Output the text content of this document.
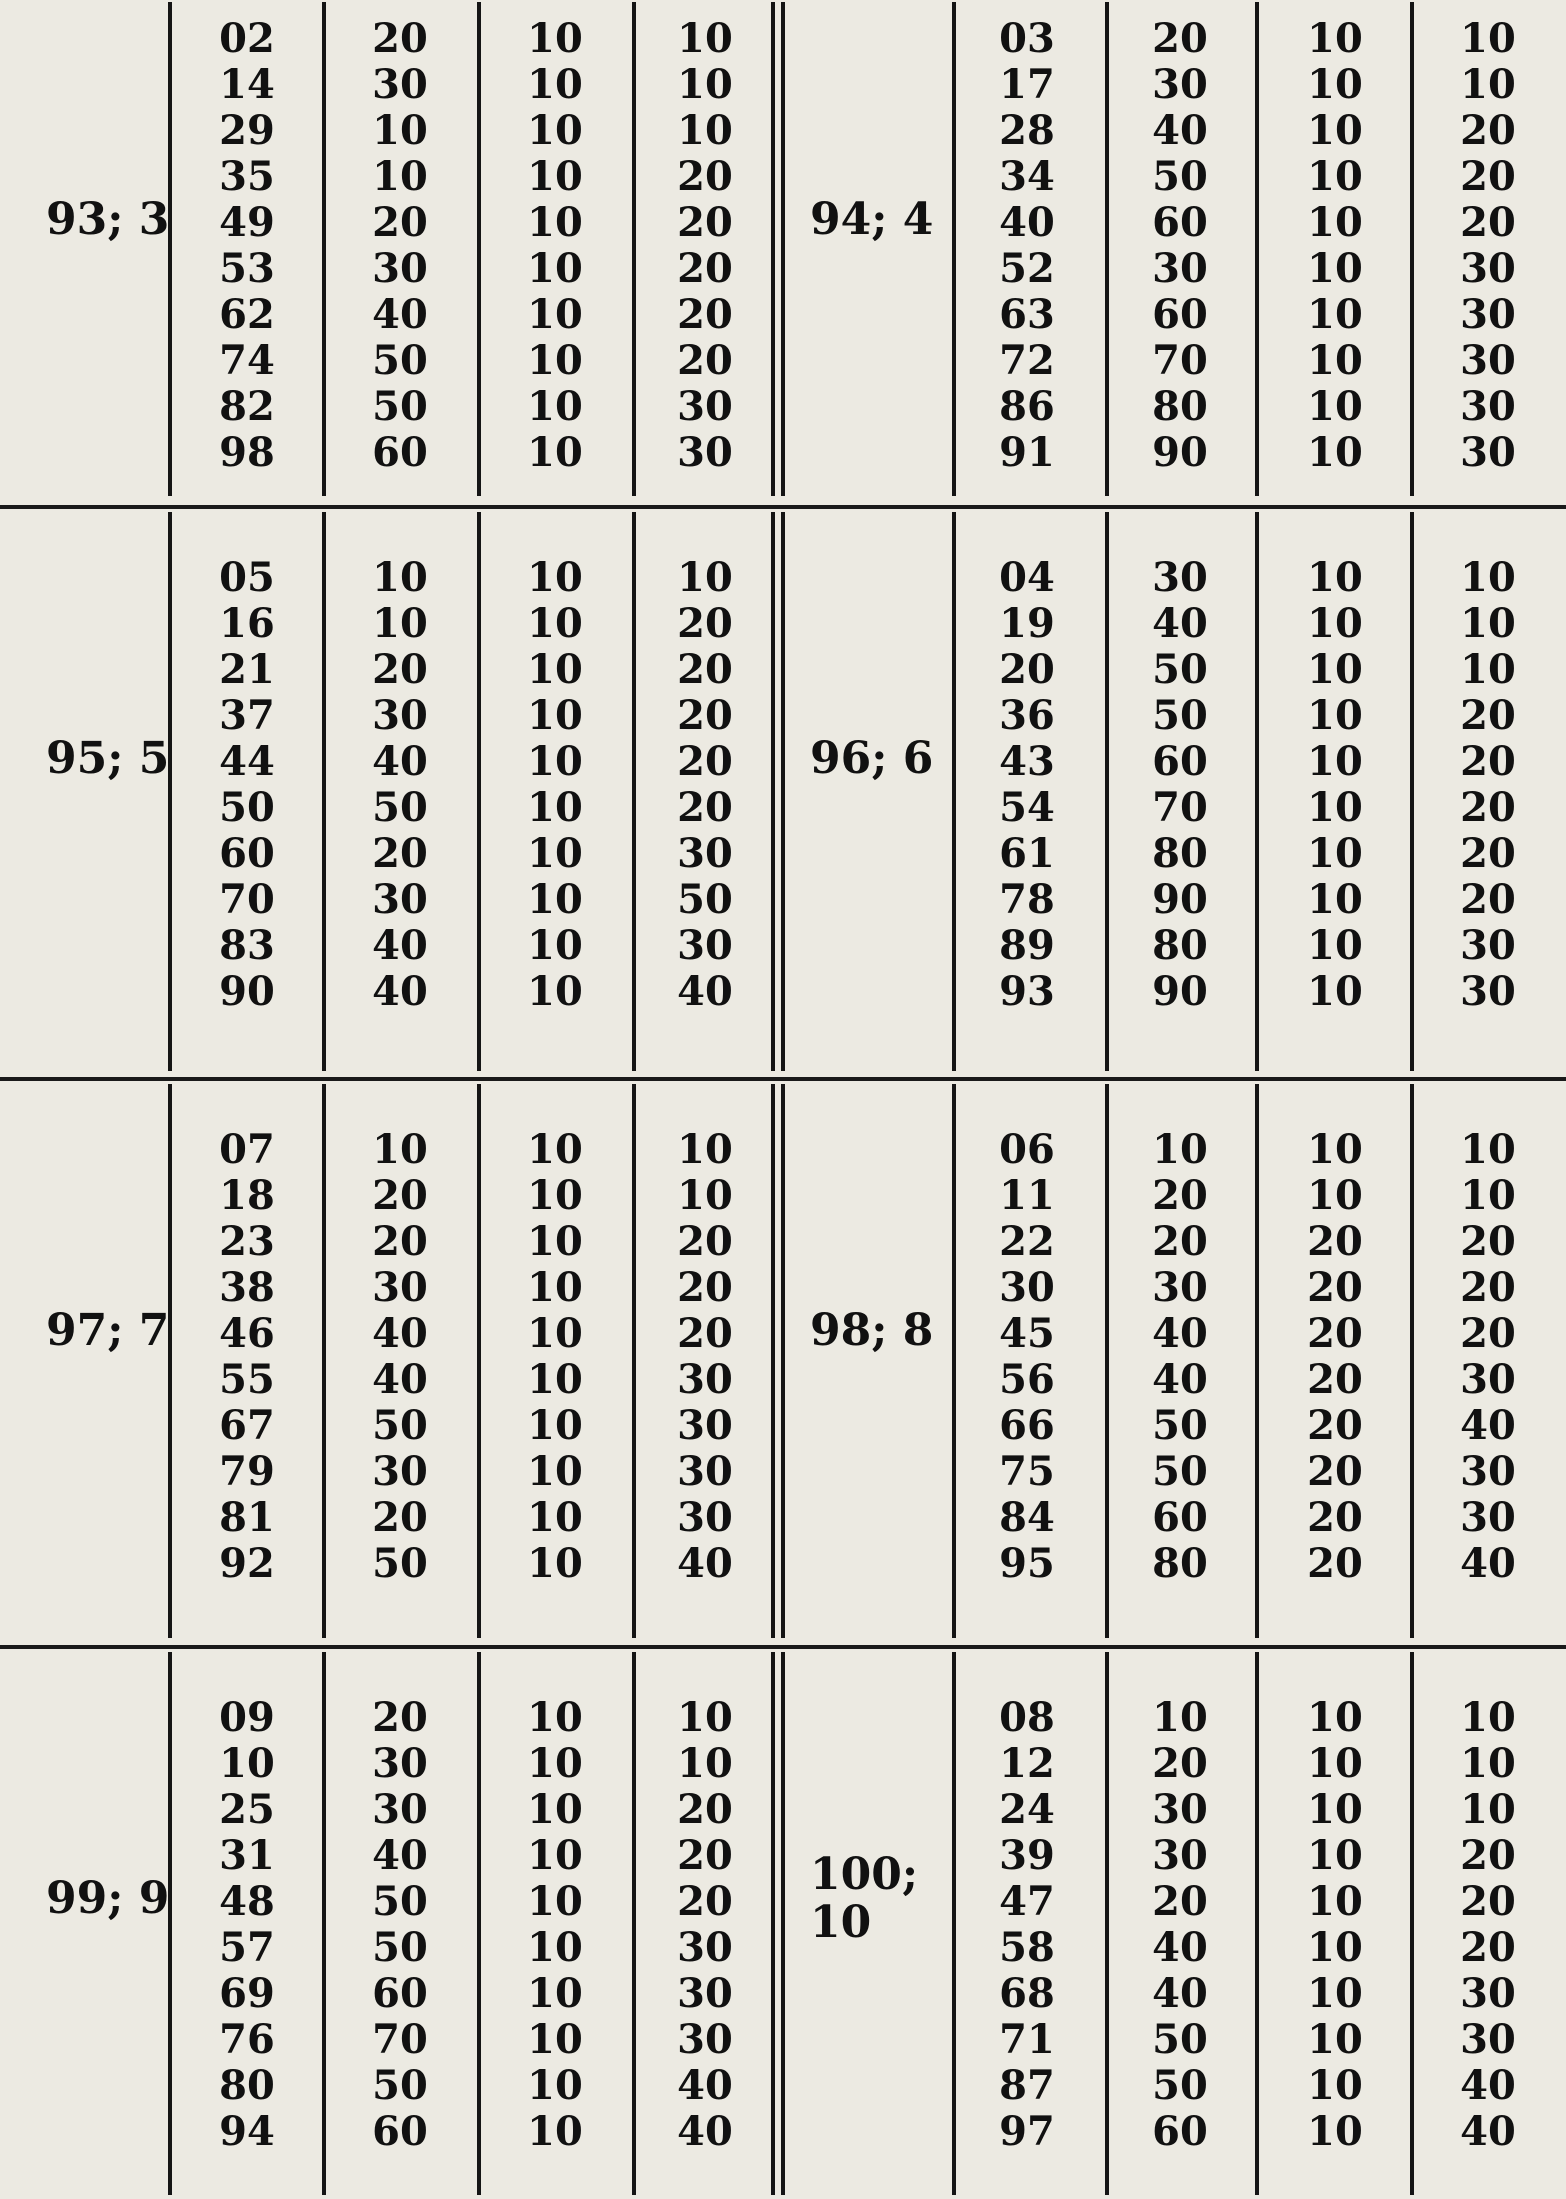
93; 3
02
14
29
35
49
53
62
74
82
98
20
30
10
10
20
30
40
50
50
60
10
10
10
10
10
10
10
10
10
10
10
10
10
20
20
20
20
20
30
30
94; 4
03
17
28
34
40
52
63
72
86
91
20
30
40
50
60
30
60
70
80
90
10
10
10
10
10
10
10
10
10
10
10
10
20
20
20
30
30
30
30
30
95; 5
05
16
21
37
44
50
60
70
83
90
10
10
20
30
40
50
20
30
40
40
10
10
10
10
10
10
10
10
10
10
10
20
20
20
20
20
30
50
30
40
96; 6
04
19
20
36
43
54
61
78
89
93
30
40
50
50
60
70
80
90
80
90
10
10
10
10
10
10
10
10
10
10
10
10
10
20
20
20
20
20
30
30
97; 7
07
18
23
38
46
55
67
79
81
92
10
20
20
30
40
40
50
30
20
50
10
10
10
10
10
10
10
10
10
10
10
10
20
20
20
30
30
30
30
40
98; 8
06
11
22
30
45
56
66
75
84
95
10
20
20
30
40
40
50
50
60
80
10
10
20
20
20
20
20
20
20
20
10
10
20
20
20
30
40
30
30
40
99; 9
09
10
25
31
48
57
69
76
80
94
20
30
30
40
50
50
60
70
50
60
10
10
10
10
10
10
10
10
10
10
10
10
20
20
20
30
30
30
40
40
100;
10
08
12
24
39
47
58
68
71
87
97
10
20
30
30
20
40
40
50
50
60
10
10
10
10
10
10
10
10
10
10
10
10
10
20
20
20
30
30
40
40
